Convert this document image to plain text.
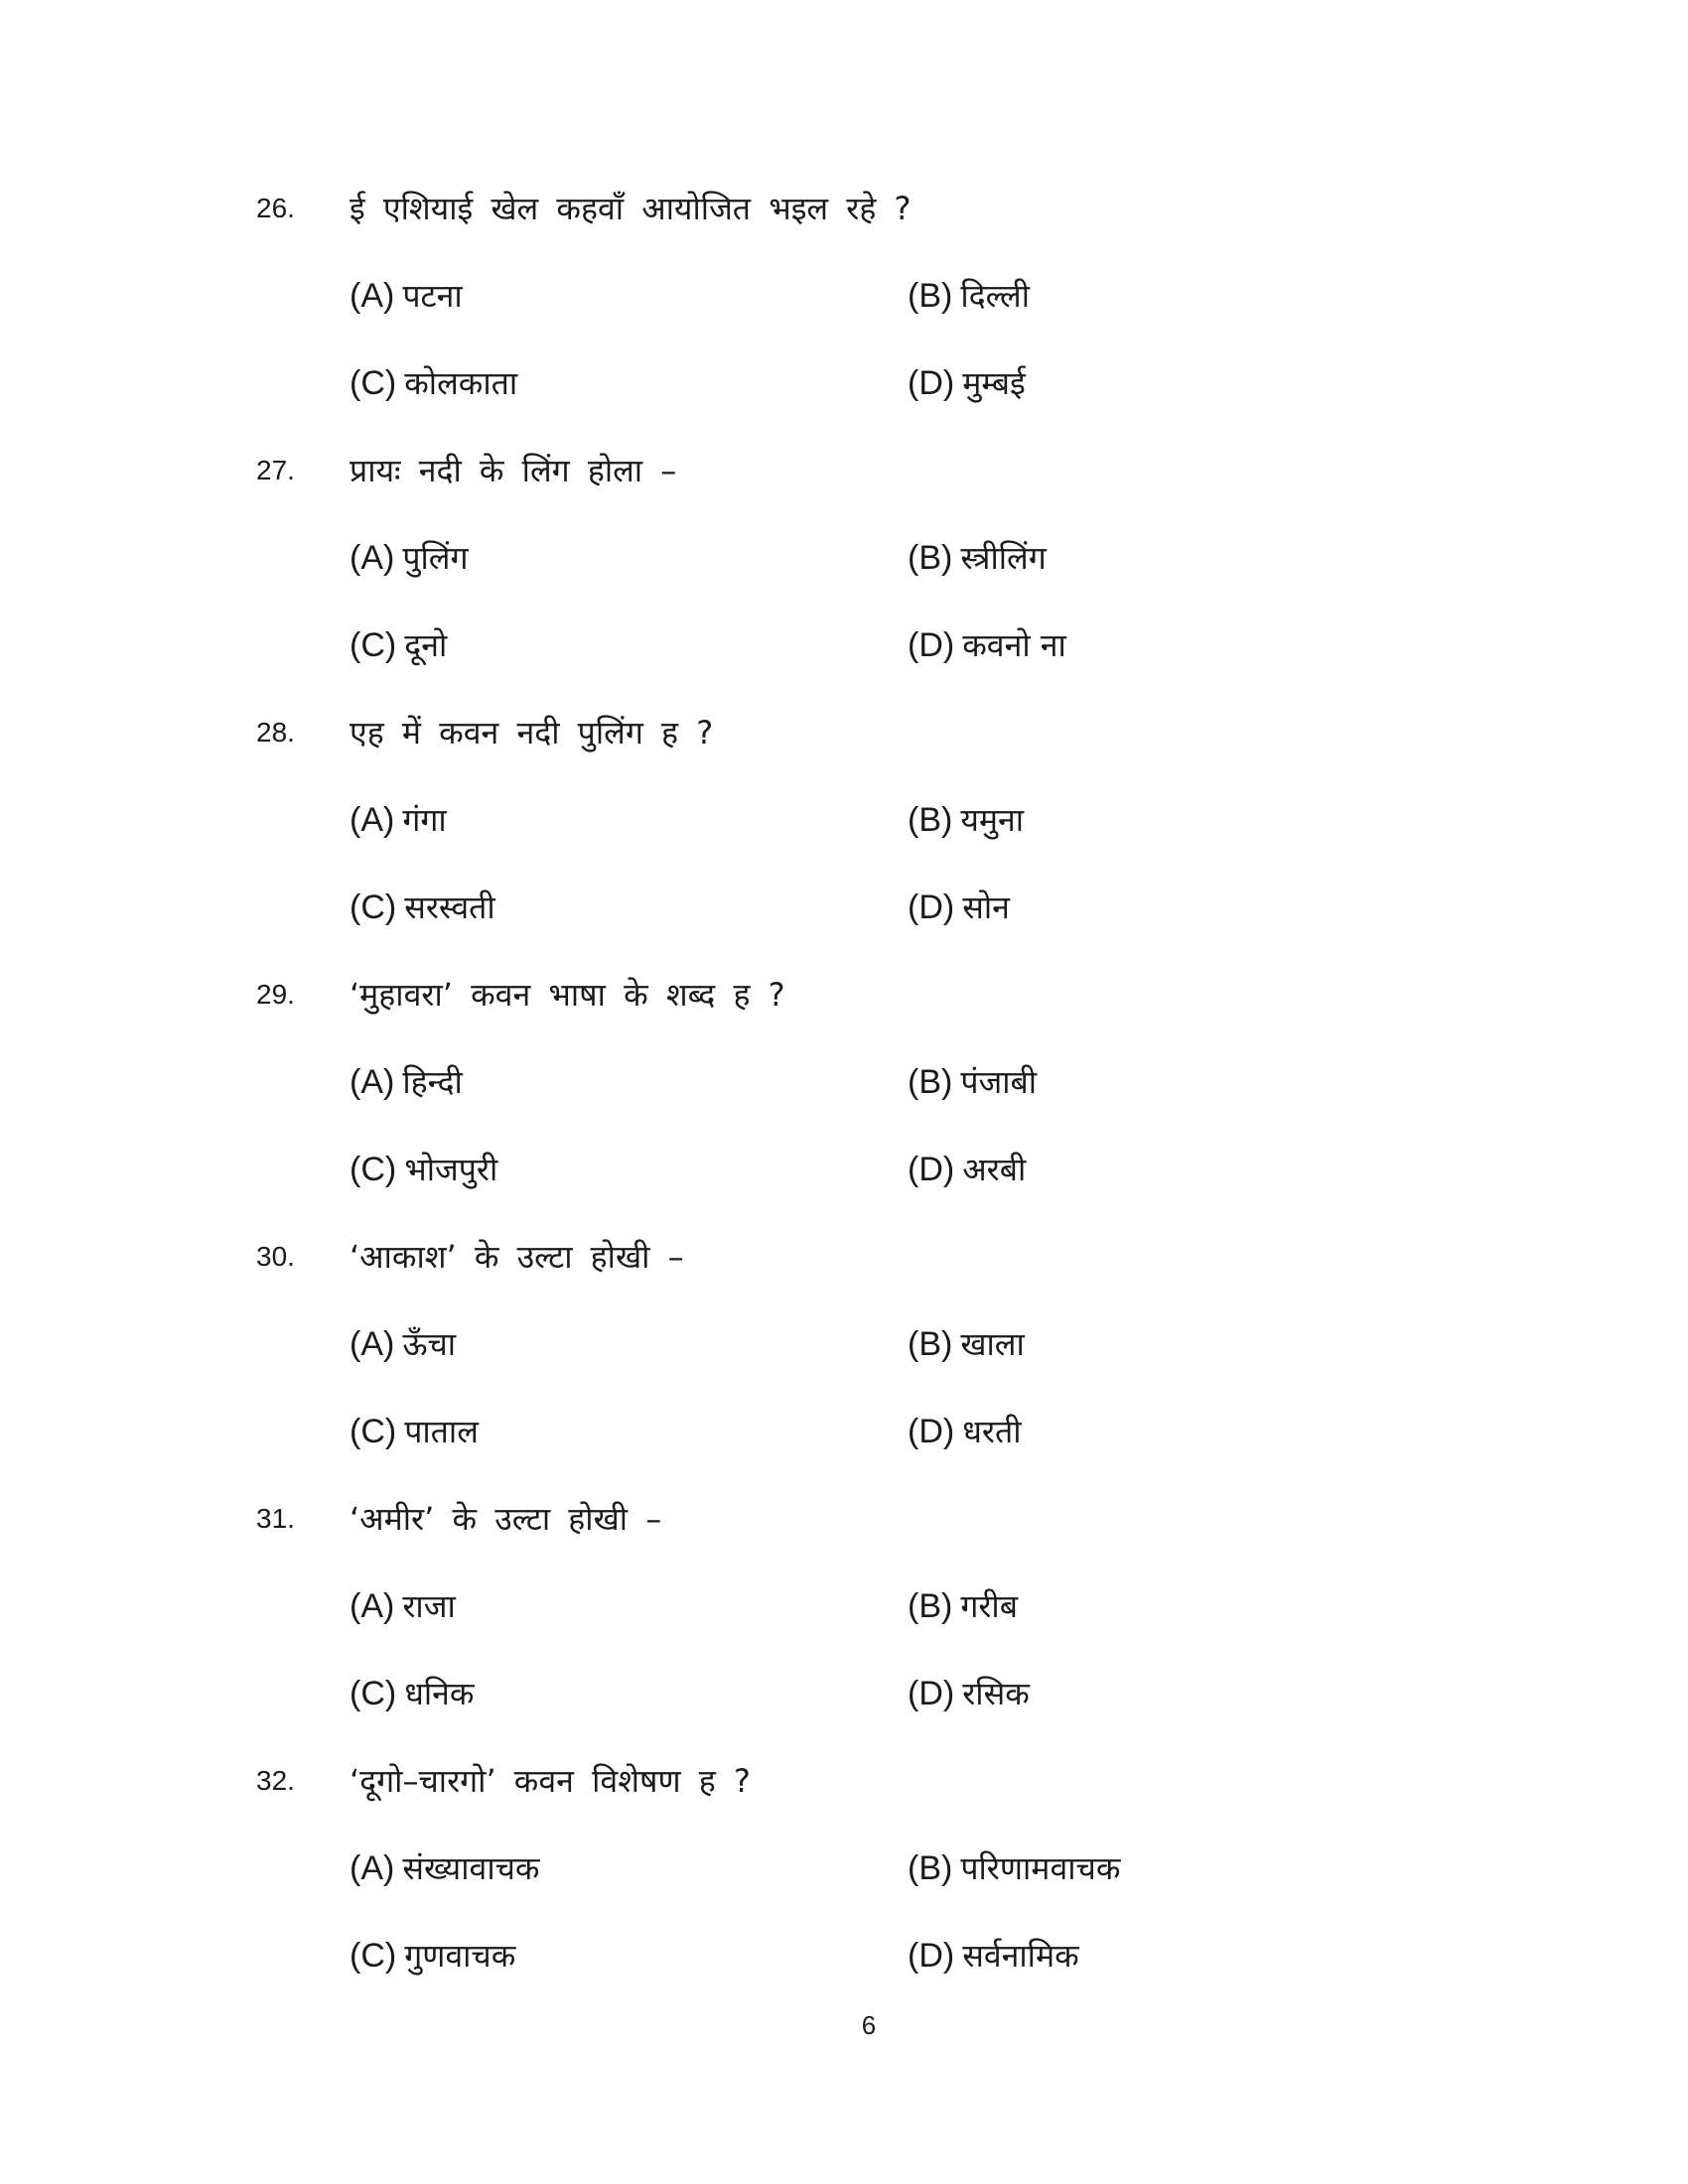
26. ई एशियाई खेल कहवाँ आयोजित भइल रहे ?
(A) पटना	(B) दिल्ली
(C) कोलकाता	(D) मुम्बई
27. प्रायः नदी के लिंग होला –
(A) पुलिंग	(B) स्त्रीलिंग
(C) दूनो	(D) कवनो ना
28. एह में कवन नदी पुलिंग ह ?
(A) गंगा	(B) यमुना
(C) सरस्वती	(D) सोन
29. ‘मुहावरा’ कवन भाषा के शब्द ह ?
(A) हिन्दी	(B) पंजाबी
(C) भोजपुरी	(D) अरबी
30. ‘आकाश’ के उल्टा होखी –
(A) ऊँचा	(B) खाला
(C) पाताल	(D) धरती
31. ‘अमीर’ के उल्टा होखी –
(A) राजा	(B) गरीब
(C) धनिक	(D) रसिक
32. ‘दूगो–चारगो’ कवन विशेषण ह ?
(A) संख्यावाचक	(B) परिणामवाचक
(C) गुणवाचक	(D) सर्वनामिक
6
